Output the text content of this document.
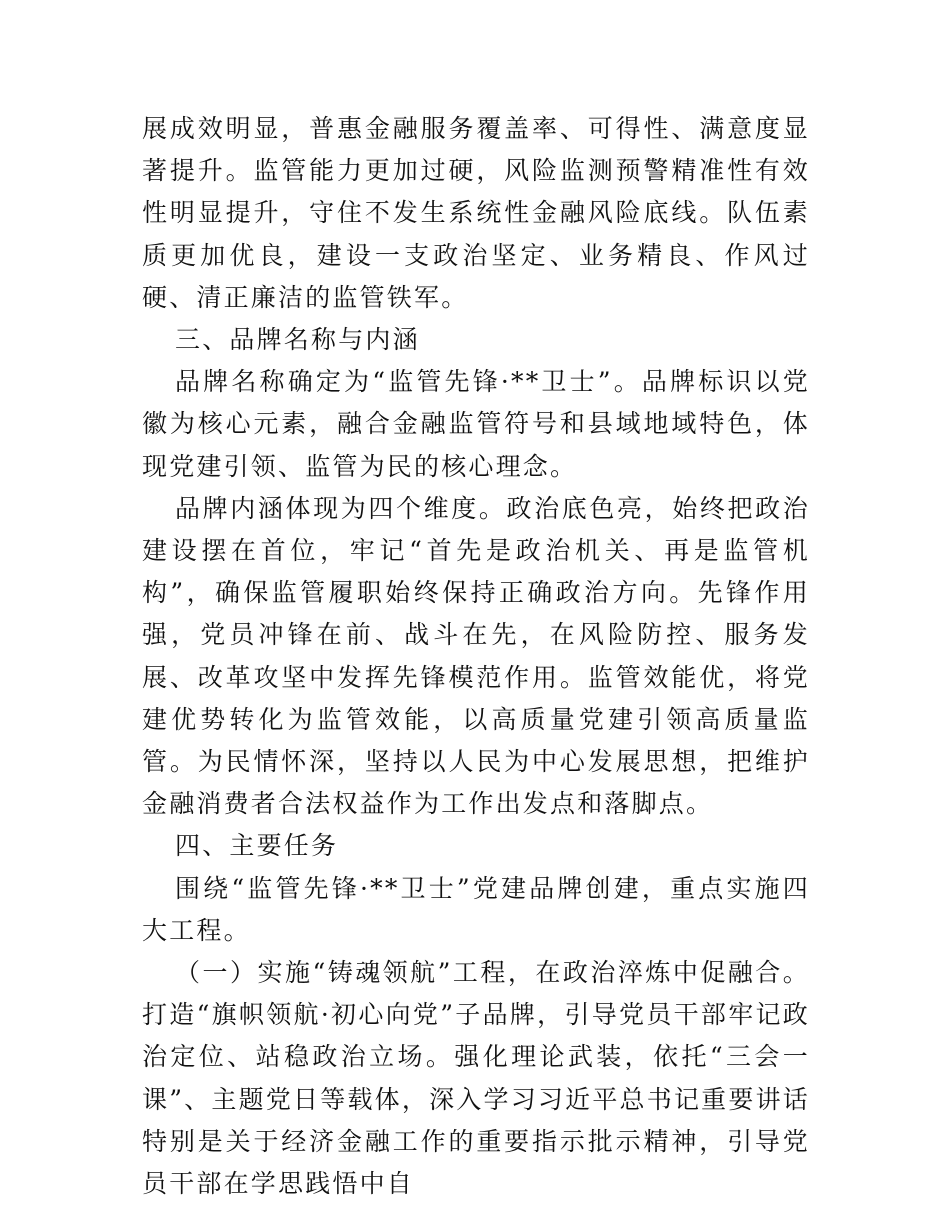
展成效明显，普惠金融服务覆盖率、可得性、满意度显著提升。监管能力更加过硬，风险监测预警精准性有效性明显提升，守住不发生系统性金融风险底线。队伍素质更加优良，建设一支政治坚定、业务精良、作风过硬、清正廉洁的监管铁军。

三、品牌名称与内涵

品牌名称确定为“监管先锋·**卫士”。品牌标识以党徽为核心元素，融合金融监管符号和县域地域特色，体现党建引领、监管为民的核心理念。

品牌内涵体现为四个维度。政治底色亮，始终把政治建设摆在首位，牢记“首先是政治机关、再是监管机构”，确保监管履职始终保持正确政治方向。先锋作用强，党员冲锋在前、战斗在先，在风险防控、服务发展、改革攻坚中发挥先锋模范作用。监管效能优，将党建优势转化为监管效能，以高质量党建引领高质量监管。为民情怀深，坚持以人民为中心发展思想，把维护金融消费者合法权益作为工作出发点和落脚点。

四、主要任务

围绕“监管先锋·**卫士”党建品牌创建，重点实施四大工程。

（一）实施“铸魂领航”工程，在政治淬炼中促融合。打造“旗帜领航·初心向党”子品牌，引导党员干部牢记政治定位、站稳政治立场。强化理论武装，依托“三会一课”、主题党日等载体，深入学习习近平总书记重要讲话特别是关于经济金融工作的重要指示批示精神，引导党员干部在学思践悟中自
